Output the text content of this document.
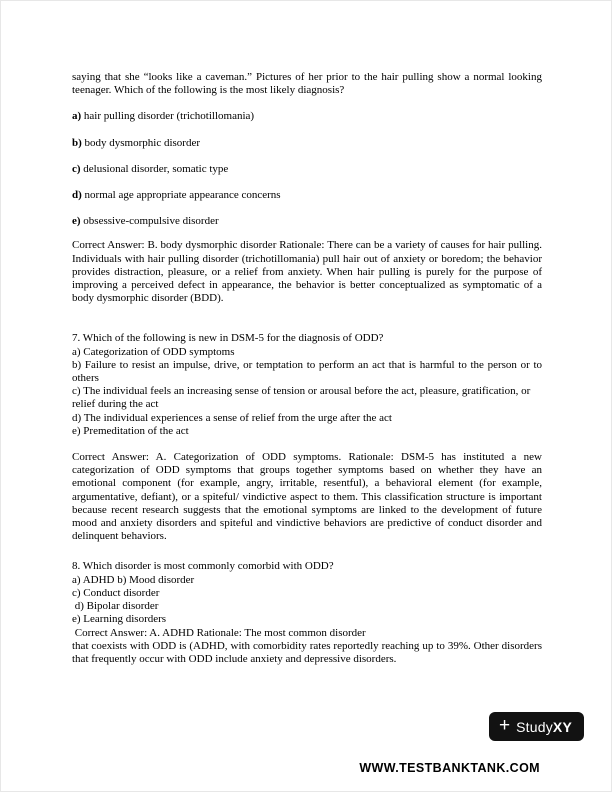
saying that she “looks like a caveman.” Pictures of her prior to the hair pulling show a normal looking teenager. Which of the following is the most likely diagnosis?

a) hair pulling disorder (trichotillomania)

b) body dysmorphic disorder

c) delusional disorder, somatic type

d) normal age appropriate appearance concerns

e) obsessive-compulsive disorder

Correct Answer: B. body dysmorphic disorder Rationale: There can be a variety of causes for hair pulling. Individuals with hair pulling disorder (trichotillomania) pull hair out of anxiety or boredom; the behavior provides distraction, pleasure, or a relief from anxiety. When hair pulling is purely for the purpose of improving a perceived defect in appearance, the behavior is better conceptualized as symptomatic of a body dysmorphic disorder (BDD).

7. Which of the following is new in DSM-5 for the diagnosis of ODD?

a) Categorization of ODD symptoms

b) Failure to resist an impulse, drive, or temptation to perform an act that is harmful to the person or to others

c) The individual feels an increasing sense of tension or arousal before the act, pleasure, gratification, or relief during the act

d) The individual experiences a sense of relief from the urge after the act

e) Premeditation of the act

Correct Answer: A. Categorization of ODD symptoms. Rationale: DSM-5 has instituted a new categorization of ODD symptoms that groups together symptoms based on whether they have an emotional component (for example, angry, irritable, resentful), a behavioral element (for example, argumentative, defiant), or a spiteful/ vindictive aspect to them. This classification structure is important because recent research suggests that the emotional symptoms are linked to the development of future mood and anxiety disorders and spiteful and vindictive behaviors are predictive of conduct disorder and delinquent behaviors.

8. Which disorder is most commonly comorbid with ODD?

a) ADHD b) Mood disorder

c) Conduct disorder

d) Bipolar disorder

e) Learning disorders

Correct Answer: A. ADHD Rationale: The most common disorder

that coexists with ODD is (ADHD, with comorbidity rates reportedly reaching up to 39%. Other disorders that frequently occur with ODD include anxiety and depressive disorders.

+ Study XY
WWW.TESTBANKTANK.COM
